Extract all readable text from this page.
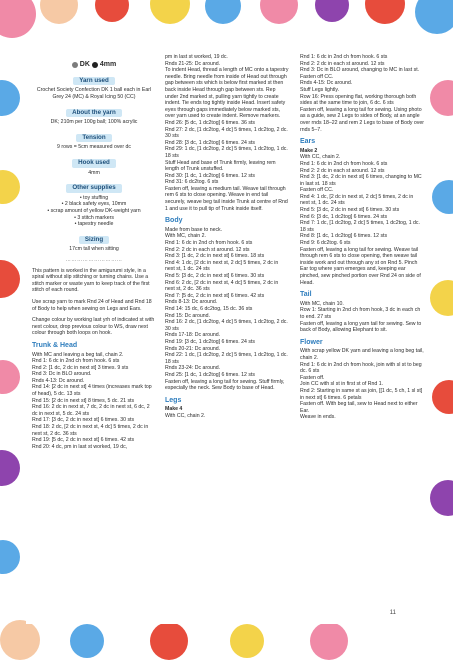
DK 4mm
Yarn used
Crochet Society Confection DK 1 ball each in Earl Grey 24 (MC) & Royal Icing 50 (CC)
About the yarn
DK; 210m per 100g ball; 100% acrylic
Tension
9 rows = 5cm measured over dc
Hook used
4mm
Other supplies
• toy stuffing
• 2 black safety eyes, 10mm
• scrap amount of yellow DK-weight yarn
• 3 stitch markers
• tapestry needle
Sizing
17cm tall when sitting
…………………………

This pattern is worked in the amigurumi style, in a spiral without slip stitching or turning chains. Use a stitch marker or waste yarn to keep track of the first stitch of each round.

Use scrap yarn to mark Rnd 24 of Head and Rnd 18 of Body to help when sewing on Legs and Ears.

Change colour by working last yrh of indicated st with next colour, drop previous colour to WS, draw next colour through both loops on hook.

Trunk & Head

With MC and leaving a beg tail, chain 2.

Rnd 1: 6 dc in 2nd ch from hook. 6 sts

Rnd 2: [1 dc, 2 dc in next st] 3 times. 9 sts

Rnd 3: Dc in BLO around.

Rnds 4-13: Dc around.

Rnd 14: [2 dc in next st] 4 times (increases mark top of head), 5 dc. 13 sts

Rnd 15: [2 dc in next st] 8 times, 5 dc. 21 sts

Rnd 16: 2 dc in next st, 7 dc, 2 dc in next st, 6 dc, 2 dc in next st, 5 dc. 24 sts

Rnd 17: [3 dc, 2 dc in next st] 6 times. 30 sts

Rnd 18: 2 dc, [2 dc in next st, 4 dc] 5 times, 2 dc in next st, 2 dc. 36 sts

Rnd 19: [5 dc, 2 dc in next st] 6 times. 42 sts

Rnd 20: 4 dc, pm in last st worked, 19 dc,

pm in last st worked, 19 dc.

Rnds 21-25: Dc around.

To indent Head, thread a length of MC onto a tapestry needle. Bring needle from inside of Head out through gap between sts which is below first marked st then back inside Head through gap between sts. Rep under 2nd marked st, pulling yarn tightly to create indent. Tie ends tog tightly inside Head. Insert safety eyes through gaps immediately below marked sts, over yarn used to create indent. Remove markers.

Rnd 26: [5 dc, 1 dc2tog] 6 times. 36 sts

Rnd 27: 2 dc, [1 dc2tog, 4 dc] 5 times, 1 dc2tog, 2 dc. 30 sts

Rnd 28: [3 dc, 1 dc2tog] 6 times. 24 sts

Rnd 29: 1 dc, [1 dc2tog, 2 dc] 5 times, 1 dc2tog, 1 dc. 18 sts

Stuff Head and base of Trunk firmly, leaving rem length of Trunk unstuffed.

Rnd 30: [1 dc, 1 dc2tog] 6 times. 12 sts

Rnd 31: 6 dc2tog. 6 sts

Fasten off, leaving a medium tail. Weave tail through rem 6 sts to close opening. Weave in end tail securely, weave beg tail inside Trunk at centre of Rnd 1 and use it to pull tip of Trunk inside itself.

Body

Made from base to neck.

With MC, chain 2.

Rnd 1: 6 dc in 2nd ch from hook. 6 sts

Rnd 2: 2 dc in each st around. 12 sts

Rnd 3: [1 dc, 2 dc in next st] 6 times. 18 sts

Rnd 4: 1 dc, [2 dc in next st, 2 dc] 5 times, 2 dc in next st, 1 dc. 24 sts

Rnd 5: [3 dc, 2 dc in next st] 6 times. 30 sts

Rnd 6: 2 dc, [2 dc in next st, 4 dc] 5 times, 2 dc in next st, 2 dc. 36 sts

Rnd 7: [5 dc, 2 dc in next st] 6 times. 42 sts

Rnds 8-13: Dc around.

Rnd 14: 15 dc, 6 dc2tog, 15 dc. 36 sts

Rnd 15: Dc around.

Rnd 16: 2 dc, [1 dc2tog, 4 dc] 5 times, 1 dc2tog, 2 dc. 30 sts

Rnds 17-18: Dc around.

Rnd 19: [3 dc, 1 dc2tog] 6 times. 24 sts

Rnds 20-21: Dc around.

Rnd 22: 1 dc, [1 dc2tog, 2 dc] 5 times, 1 dc2tog, 1 dc. 18 sts

Rnds 23-24: Dc around.

Rnd 25: [1 dc, 1 dc2tog] 6 times. 12 sts

Fasten off, leaving a long tail for sewing. Stuff firmly, especially the neck. Sew Body to base of Head.

Legs

Make 4

With CC, chain 2.

Rnd 1: 6 dc in 2nd ch from hook. 6 sts

Rnd 2: 2 dc in each st around. 12 sts

Rnd 3: Dc in BLO around, changing to MC in last st.

Fasten off CC.

Rnds 4-15: Dc around.

Stuff Legs lightly.

Row 16: Press opening flat, working thorough both sides at the same time to join, 6 dc. 6 sts

Fasten off, leaving a long tail for sewing. Using photo as a guide, sew 2 Legs to sides of Body, at an angle over rnds 18–22 and rem 2 Legs to base of Body over rnds 5–7.

Ears

Make 2

With CC, chain 2.

Rnd 1: 6 dc in 2nd ch from hook. 6 sts

Rnd 2: 2 dc in each st around. 12 sts

Rnd 3: [1 dc, 2 dc in next st] 6 times, changing to MC in last st. 18 sts

Fasten off CC.

Rnd 4: 1 dc, [2 dc in next st, 2 dc] 5 times, 2 dc in next st, 1 dc. 24 sts

Rnd 5: [3 dc, 2 dc in next st] 6 times. 30 sts

Rnd 6: [3 dc, 1 dc2tog] 6 times. 24 sts

Rnd 7: 1 dc, [1 dc2tog, 2 dc] 5 times, 1 dc2tog, 1 dc. 18 sts

Rnd 8: [1 dc, 1 dc2tog] 6 times. 12 sts

Rnd 9: 6 dc2tog. 6 sts

Fasten off, leaving a long tail for sewing. Weave tail through rem 6 sts to close opening, then weave tail inside work and out through any st on Rnd 5. Pinch Ear tog where yarn emerges and, keeping ear pinched, sew pinched portion over Rnd 24 on side of Head.

Tail

With MC, chain 10.

Row 1: Starting in 2nd ch from hook, 3 dc in each ch to end. 27 sts

Fasten off, leaving a long yarn tail for sewing. Sew to back of Body, allowing Elephant to sit.

Flower

With scrap yellow DK yarn and leaving a long beg tail, chain 2.

Rnd 1: 6 dc in 2nd ch from hook, join with sl st to beg dc. 6 sts

Fasten off.

Join CC with sl st in first st of Rnd 1.

Rnd 2: Starting in same st as join, [[1 dc, 5 ch, 1 sl st] in next st] 6 times. 6 petals

Fasten off. With beg tail, sew to Head next to either Ear.

Weave in ends.

11
